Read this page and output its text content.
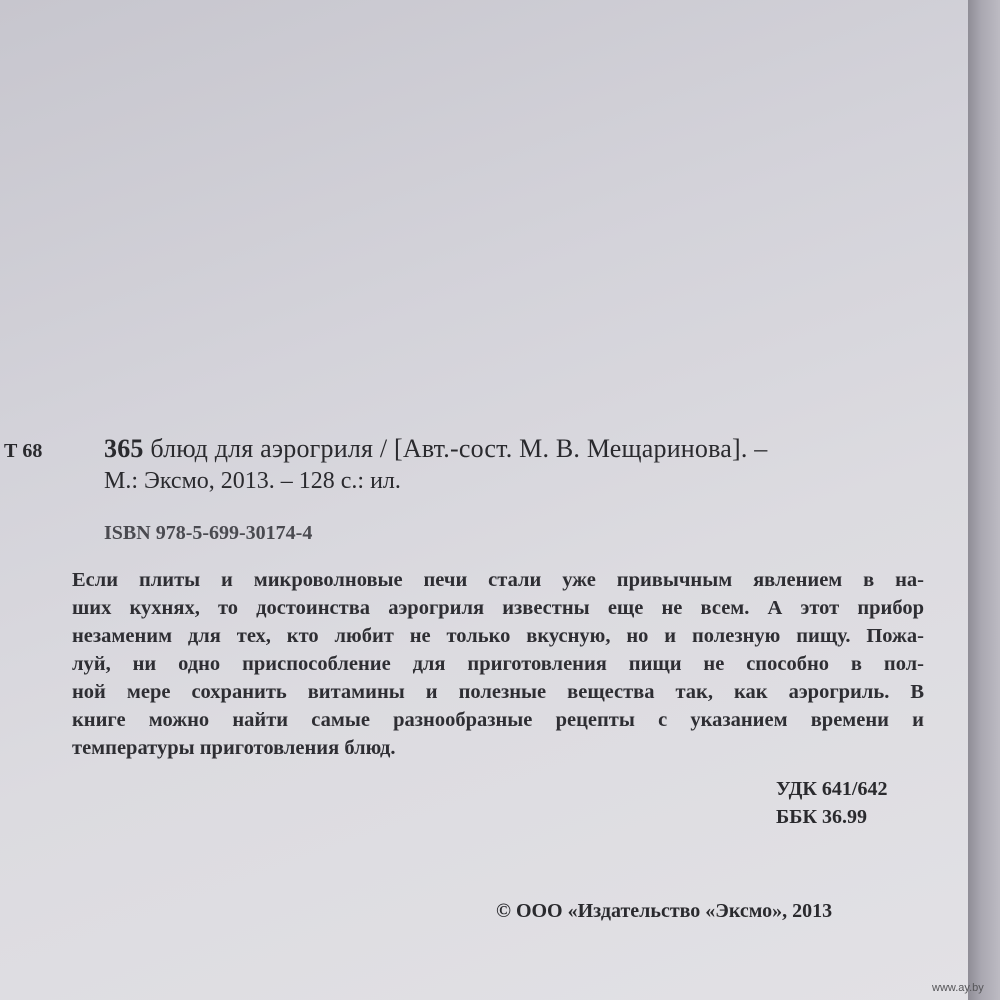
Т 68 365 блюд для аэрогриля / [Авт.-сост. М. В. Мещаринова]. –
М.: Эксмо, 2013. – 128 с.: ил.
ISBN 978-5-699-30174-4
Если плиты и микроволновые печи стали уже привычным явлением в на-
ших кухнях, то достоинства аэрогриля известны еще не всем. А этот прибор
незаменим для тех, кто любит не только вкусную, но и полезную пищу. Пожа-
луй, ни одно приспособление для приготовления пищи не способно в пол-
ной мере сохранить витамины и полезные вещества так, как аэрогриль. В
книге можно найти самые разнообразные рецепты с указанием времени и
температуры приготовления блюд.
УДК 641/642
ББК 36.99
© ООО «Издательство «Эксмо», 2013
www.ay.by
